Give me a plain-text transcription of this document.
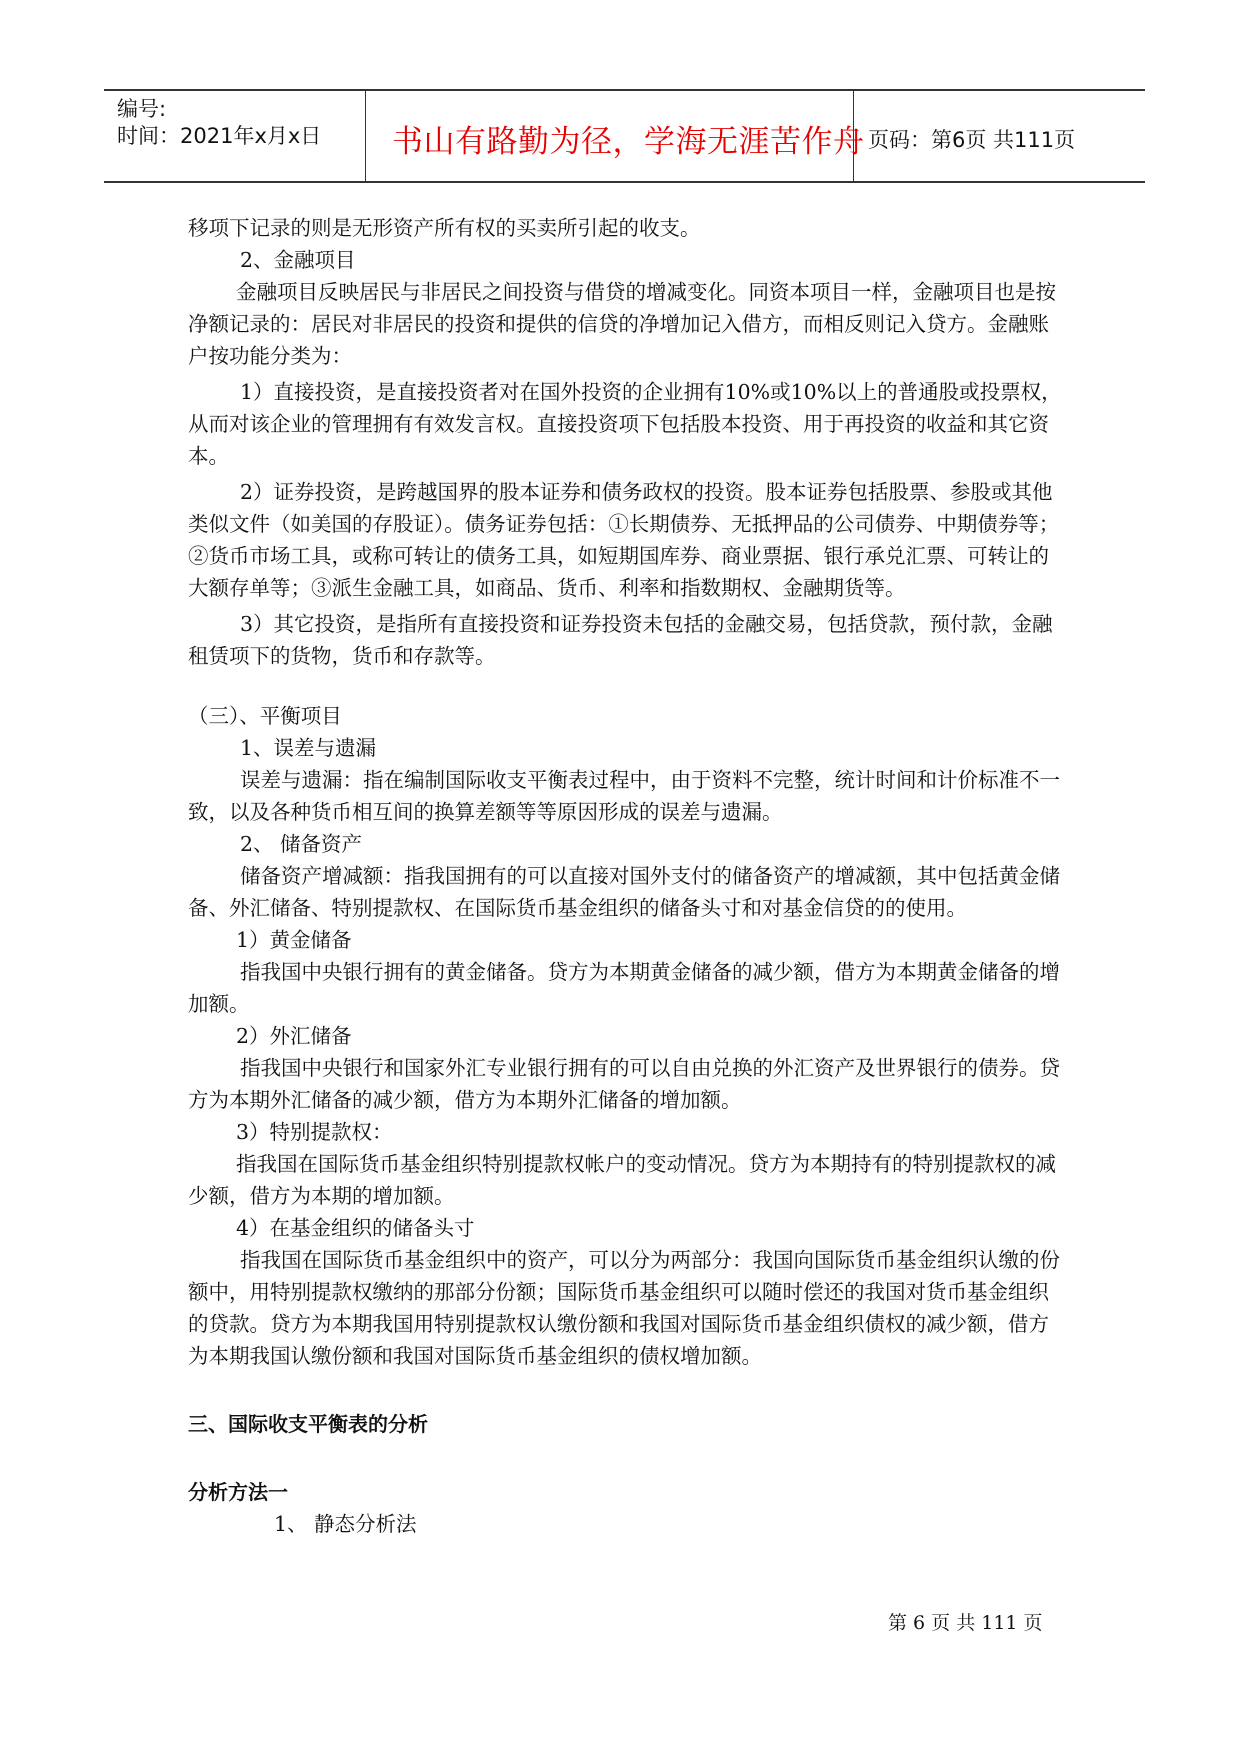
编号:
时间：2021年x月x日 书山有路勤为径，学海无涯苦作舟 页码：第6页 共111页

移项下记录的则是无形资产所有权的买卖所引起的收支。

2、金融项目

金融项目反映居民与非居民之间投资与借贷的增减变化。同资本项目一样，金融项目也是按净额记录的：居民对非居民的投资和提供的信贷的净增加记入借方，而相反则记入贷方。金融账户按功能分类为：

1）直接投资，是直接投资者对在国外投资的企业拥有10%或10%以上的普通股或投票权，从而对该企业的管理拥有有效发言权。直接投资项下包括股本投资、用于再投资的收益和其它资本。

2）证券投资，是跨越国界的股本证券和债务政权的投资。股本证券包括股票、参股或其他类似文件（如美国的存股证）。债务证券包括：①长期债券、无抵押品的公司债券、中期债券等；②货币市场工具，或称可转让的债务工具，如短期国库券、商业票据、银行承兑汇票、可转让的大额存单等；③派生金融工具，如商品、货币、利率和指数期权、金融期货等。

3）其它投资，是指所有直接投资和证券投资未包括的金融交易，包括贷款，预付款，金融租赁项下的货物，货币和存款等。

（三）、平衡项目

1、误差与遗漏

误差与遗漏：指在编制国际收支平衡表过程中，由于资料不完整，统计时间和计价标准不一致，以及各种货币相互间的换算差额等等原因形成的误差与遗漏。

2、 储备资产

储备资产增减额：指我国拥有的可以直接对国外支付的储备资产的增减额，其中包括黄金储备、外汇储备、特别提款权、在国际货币基金组织的储备头寸和对基金信贷的的使用。

1）黄金储备

指我国中央银行拥有的黄金储备。贷方为本期黄金储备的减少额，借方为本期黄金储备的增加额。

2）外汇储备

指我国中央银行和国家外汇专业银行拥有的可以自由兑换的外汇资产及世界银行的债券。贷方为本期外汇储备的减少额，借方为本期外汇储备的增加额。

3）特别提款权：

指我国在国际货币基金组织特别提款权帐户的变动情况。贷方为本期持有的特别提款权的减少额，借方为本期的增加额。

4）在基金组织的储备头寸

指我国在国际货币基金组织中的资产，可以分为两部分：我国向国际货币基金组织认缴的份额中，用特别提款权缴纳的那部分份额；国际货币基金组织可以随时偿还的我国对货币基金组织的贷款。贷方为本期我国用特别提款权认缴份额和我国对国际货币基金组织债权的减少额，借方为本期我国认缴份额和我国对国际货币基金组织的债权增加额。

三、国际收支平衡表的分析

分析方法一

1、 静态分析法

第 6 页 共 111 页
